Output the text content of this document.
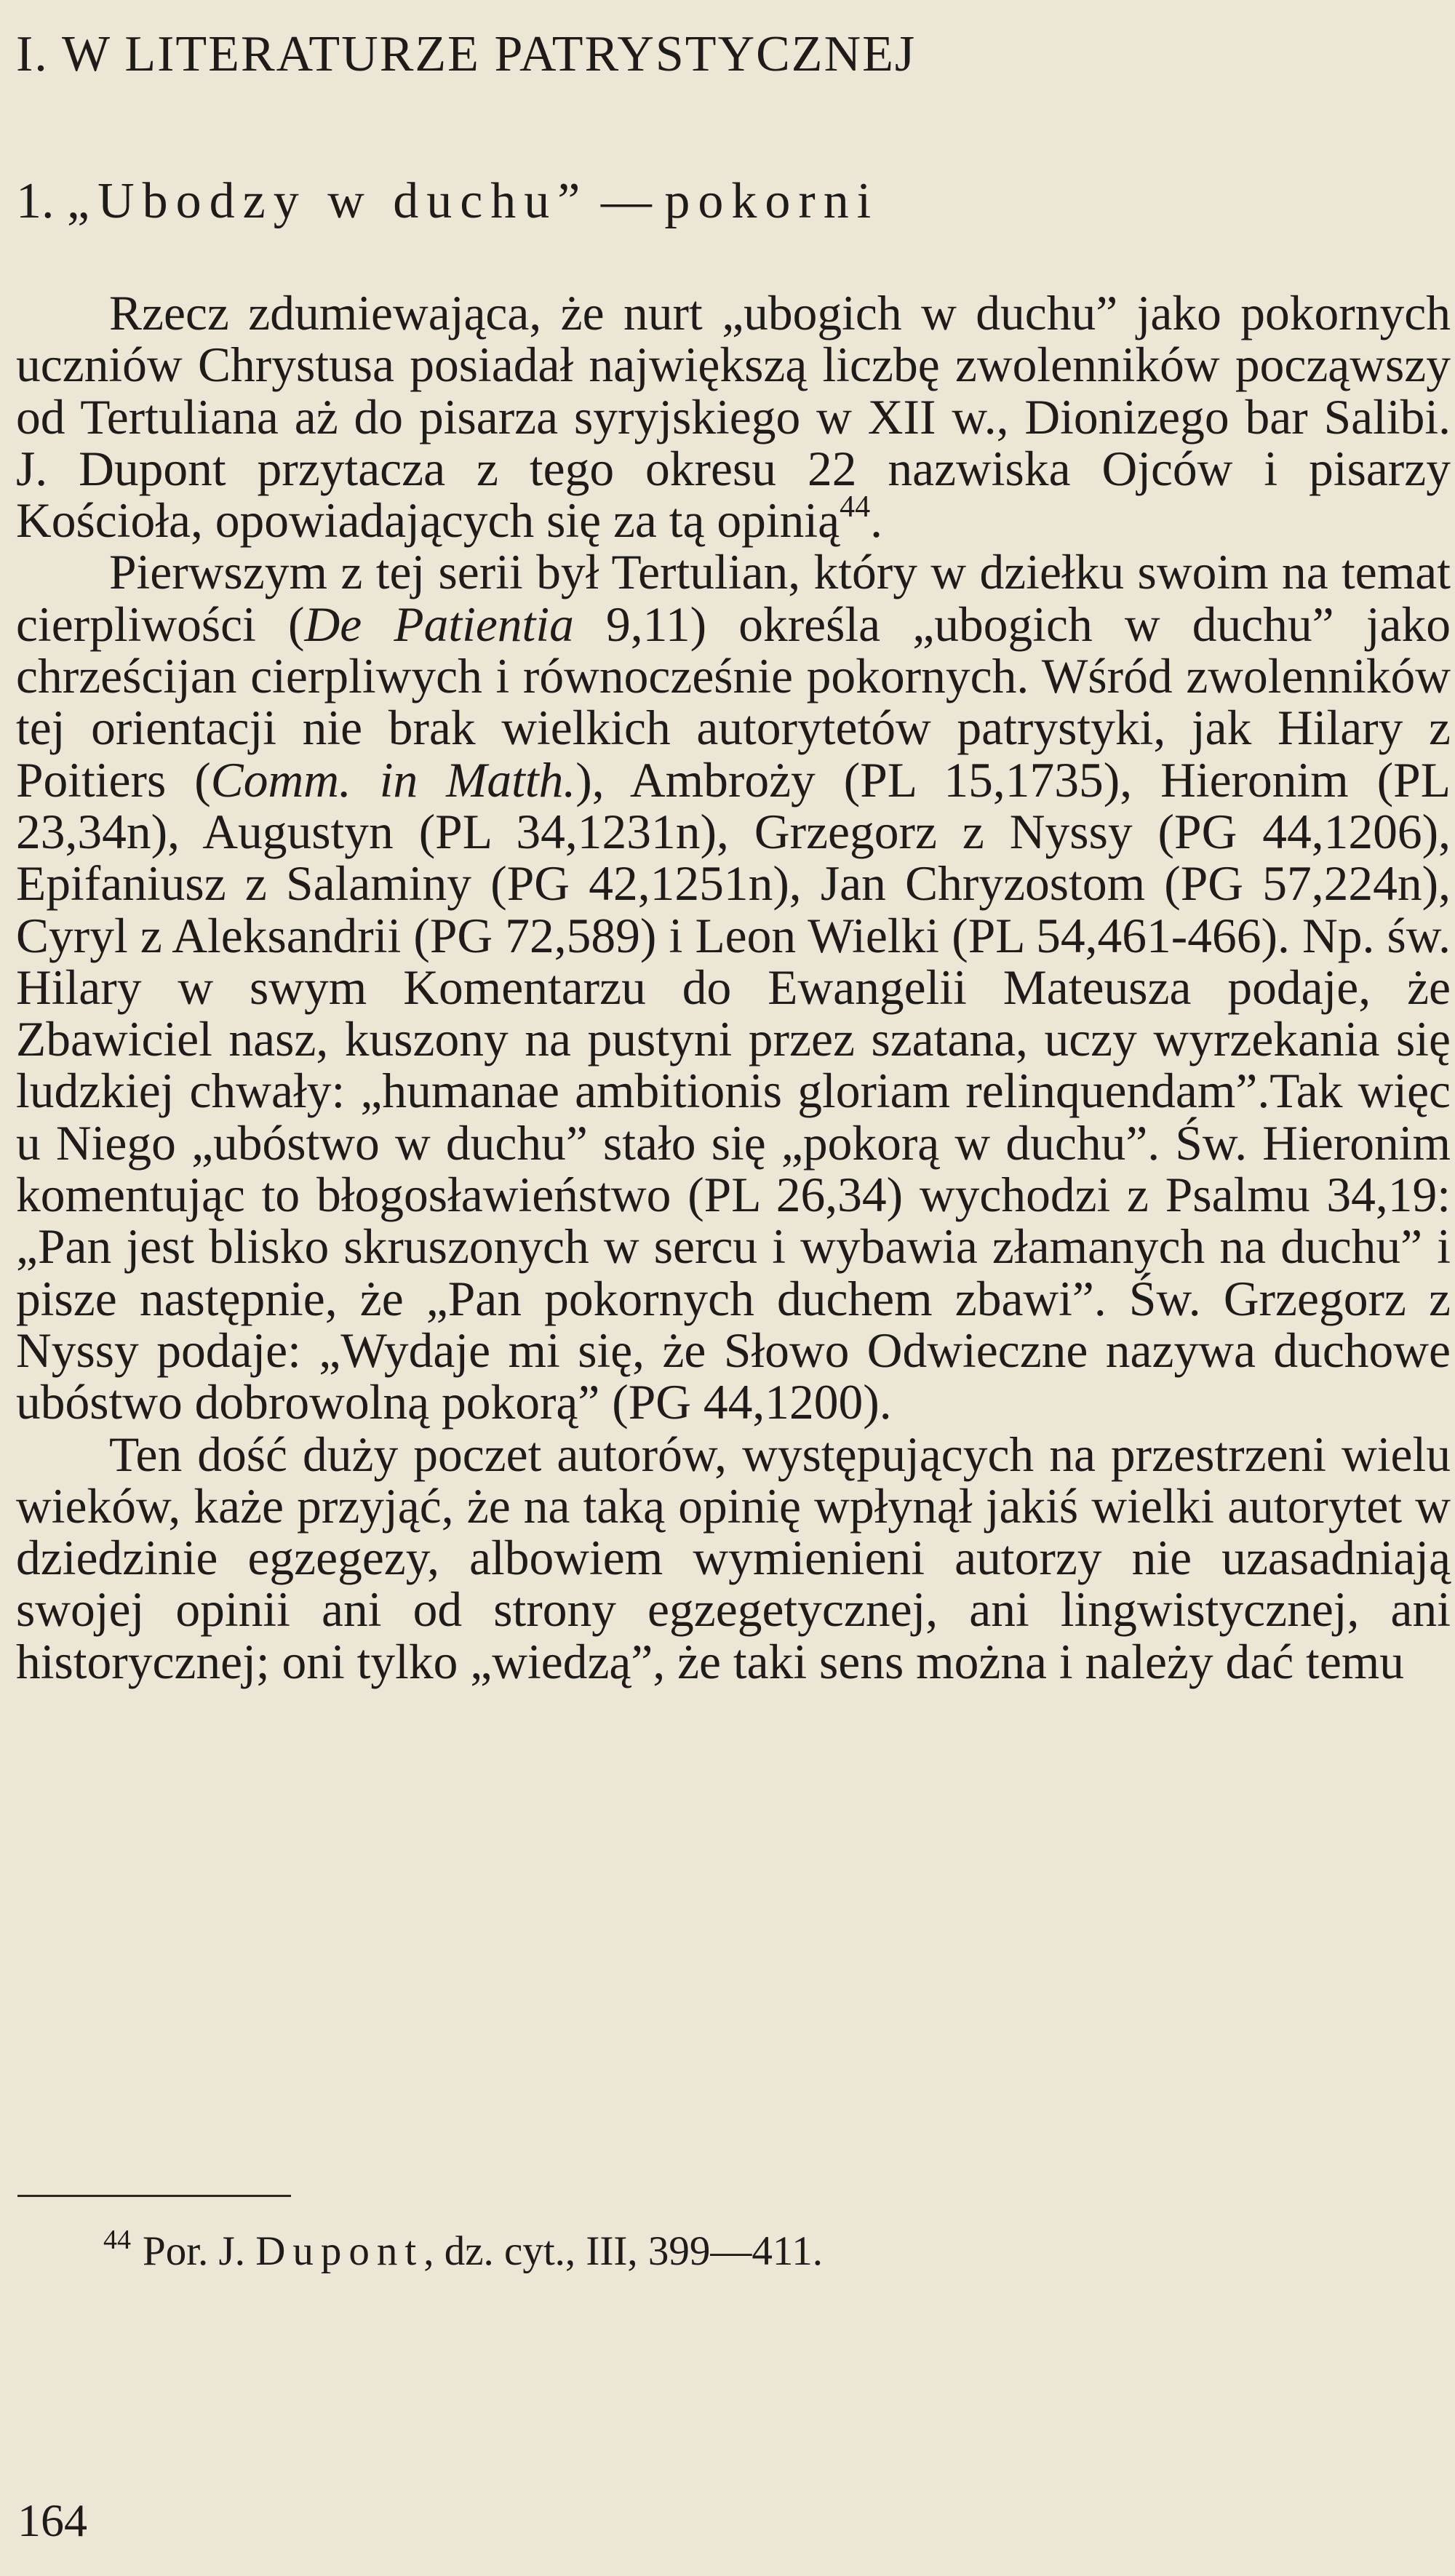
I. W LITERATURZE PATRYSTYCZNEJ
1. „Ubodzy w duchu” — pokorni

Rzecz zdumiewająca, że nurt „ubogich w duchu” jako pokornych uczniów Chrystusa posiadał największą liczbę zwolenników począwszy od Tertuliana aż do pisarza syryjskiego w XII w., Dionizego bar Salibi. J. Dupont przytacza z tego okresu 22 nazwiska Ojców i pisarzy Kościoła, opowiadających się za tą opinią$^{44}$.

Pierwszym z tej serii był Tertulian, który w dziełku swoim na temat cierpliwości (De Patientia 9,11) określa „ubogich w duchu” jako chrześcijan cierpliwych i równocześnie pokornych. Wśród zwolenników tej orientacji nie brak wielkich autorytetów patrystyki, jak Hilary z Poitiers (Comm. in Matth.), Ambroży (PL 15,1735), Hieronim (PL 23,34n), Augustyn (PL 34,1231n), Grzegorz z Nyssy (PG 44,1206), Epifaniusz z Salaminy (PG 42,1251n), Jan Chryzostom (PG 57,224n), Cyryl z Aleksandrii (PG 72,589) i Leon Wielki (PL 54,461-466). Np. św. Hilary w swym Komentarzu do Ewangelii Mateusza podaje, że Zbawiciel nasz, kuszony na pustyni przez szatana, uczy wyrzekania się ludzkiej chwały: „humanae ambitionis gloriam relinquendam”.Tak więc u Niego „ubóstwo w duchu” stało się „pokorą w duchu”. Św. Hieronim komentując to błogosławieństwo (PL 26,34) wychodzi z Psalmu 34,19: „Pan jest blisko skruszonych w sercu i wybawia złamanych na duchu” i pisze następnie, że „Pan pokornych duchem zbawi”. Św. Grzegorz z Nyssy podaje: „Wydaje mi się, że Słowo Odwieczne nazywa duchowe ubóstwo dobrowolną pokorą” (PG 44,1200).

Ten dość duży poczet autorów, występujących na przestrzeni wielu wieków, każe przyjąć, że na taką opinię wpłynął jakiś wielki autorytet w dziedzinie egzegezy, albowiem wymienieni autorzy nie uzasadniają swojej opinii ani od strony egzegetycznej, ani lingwistycznej, ani historycznej; oni tylko „wiedzą”, że taki sens można i należy dać temu

$^{44}$ Por. J. Dupont, dz. cyt., III, 399—411.
164
